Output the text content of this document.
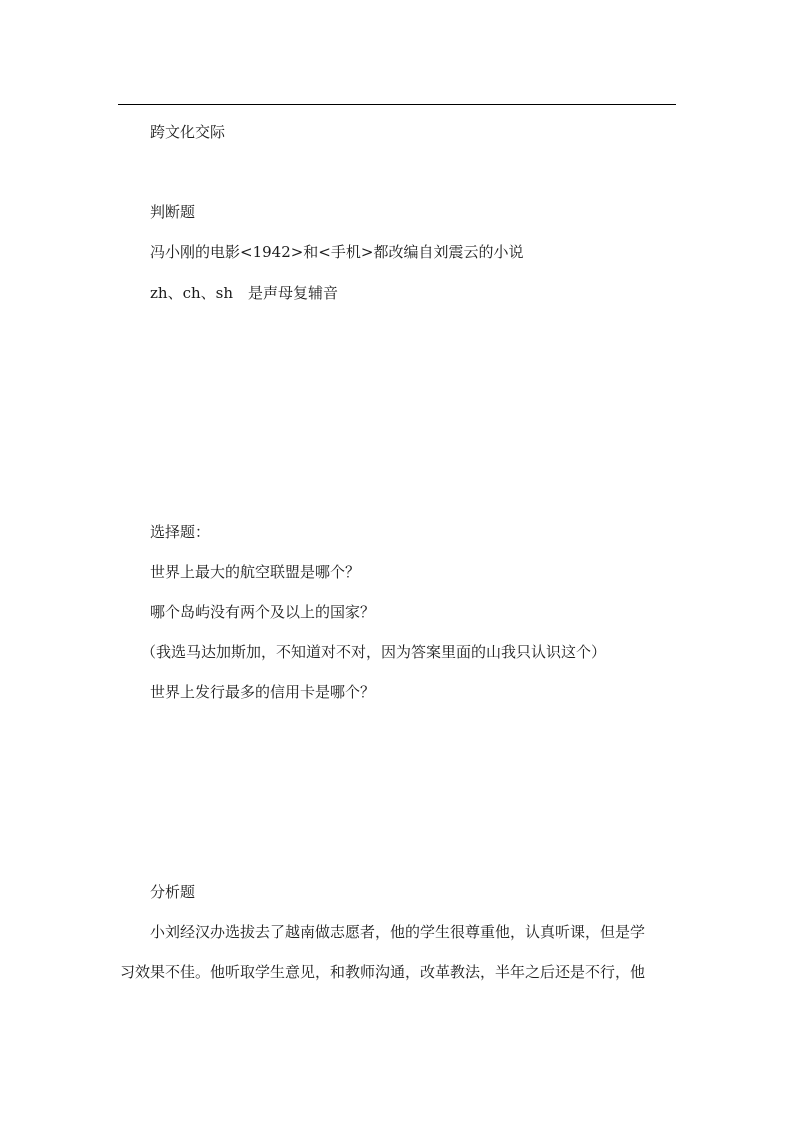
跨文化交际
判断题
冯小刚的电影<1942>和<手机>都改编自刘震云的小说
zh、ch、sh　是声母复辅音
选择题：
世界上最大的航空联盟是哪个？
哪个岛屿没有两个及以上的国家？
（我选马达加斯加，不知道对不对，因为答案里面的山我只认识这个）
世界上发行最多的信用卡是哪个？
分析题
小刘经汉办选拔去了越南做志愿者，他的学生很尊重他，认真听课，但是学
习效果不佳。他听取学生意见，和教师沟通，改革教法，半年之后还是不行，他
